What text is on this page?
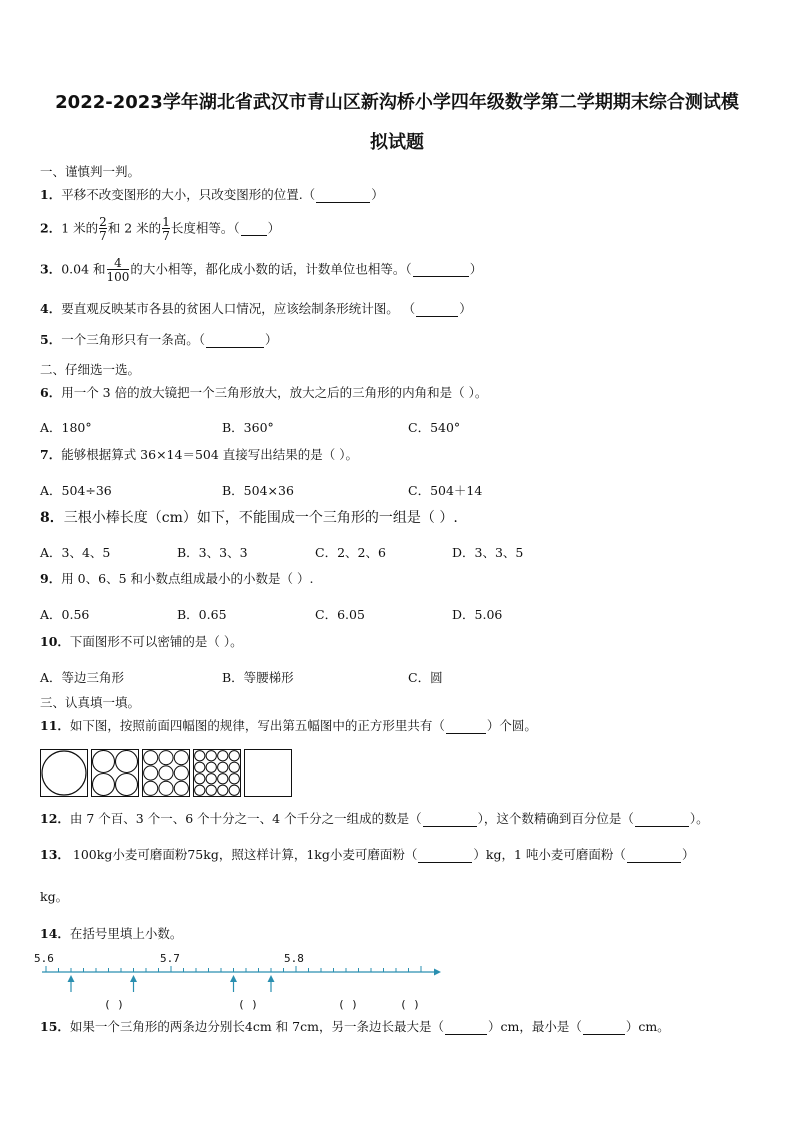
2022-2023学年湖北省武汉市青山区新沟桥小学四年级数学第二学期期末综合测试模
拟试题
一、谨慎判一判。
1．平移不改变图形的大小，只改变图形的位置.（	）
2．1 米的 $\frac{2}{7}$ 和 2 米的 $\frac{1}{7}$ 长度相等。（ ）
3．0.04 和 $\frac{4}{100}$ 的大小相等，都化成小数的话，计数单位也相等。（	）
4．要直观反映某市各县的贫困人口情况，应该绘制条形统计图。 （	）
5．一个三角形只有一条高。（	）
二、仔细选一选。
6．用一个 3 倍的放大镜把一个三角形放大，放大之后的三角形的内角和是（ ）。
A．180°	B．360°	C．540°
7．能够根据算式 36×14＝504 直接写出结果的是（ ）。
A．504÷36	B．504×36	C．504＋14
8．三根小棒长度（cm）如下，不能围成一个三角形的一组是（ ）.
A．3、4、5	B．3、3、3	C．2、2、6	D．3、3、5
9．用 0、6、5 和小数点组成最小的小数是（ ）.
A．0.56	B．0.65	C．6.05	D．5.06
10．下面图形不可以密铺的是（ ）。
A．等边三角形	B．等腰梯形	C．圆
三、认真填一填。
11．如下图，按照前面四幅图的规律，写出第五幅图中的正方形里共有（	）个圆。
12．由 7 个百、3 个一、6 个十分之一、4 个千分之一组成的数是（	），这个数精确到百分位是（	）。
13． 100kg小麦可磨面粉75kg，照这样计算，1kg小麦可磨面粉（	）kg，1 吨小麦可磨面粉（	）
kg。
14．在括号里填上小数。
5.6	5.7	5.8
( )	( )	( )	( )
15．如果一个三角形的两条边分别长4cm 和 7cm，另一条边长最大是（	）cm，最小是（	）cm。
